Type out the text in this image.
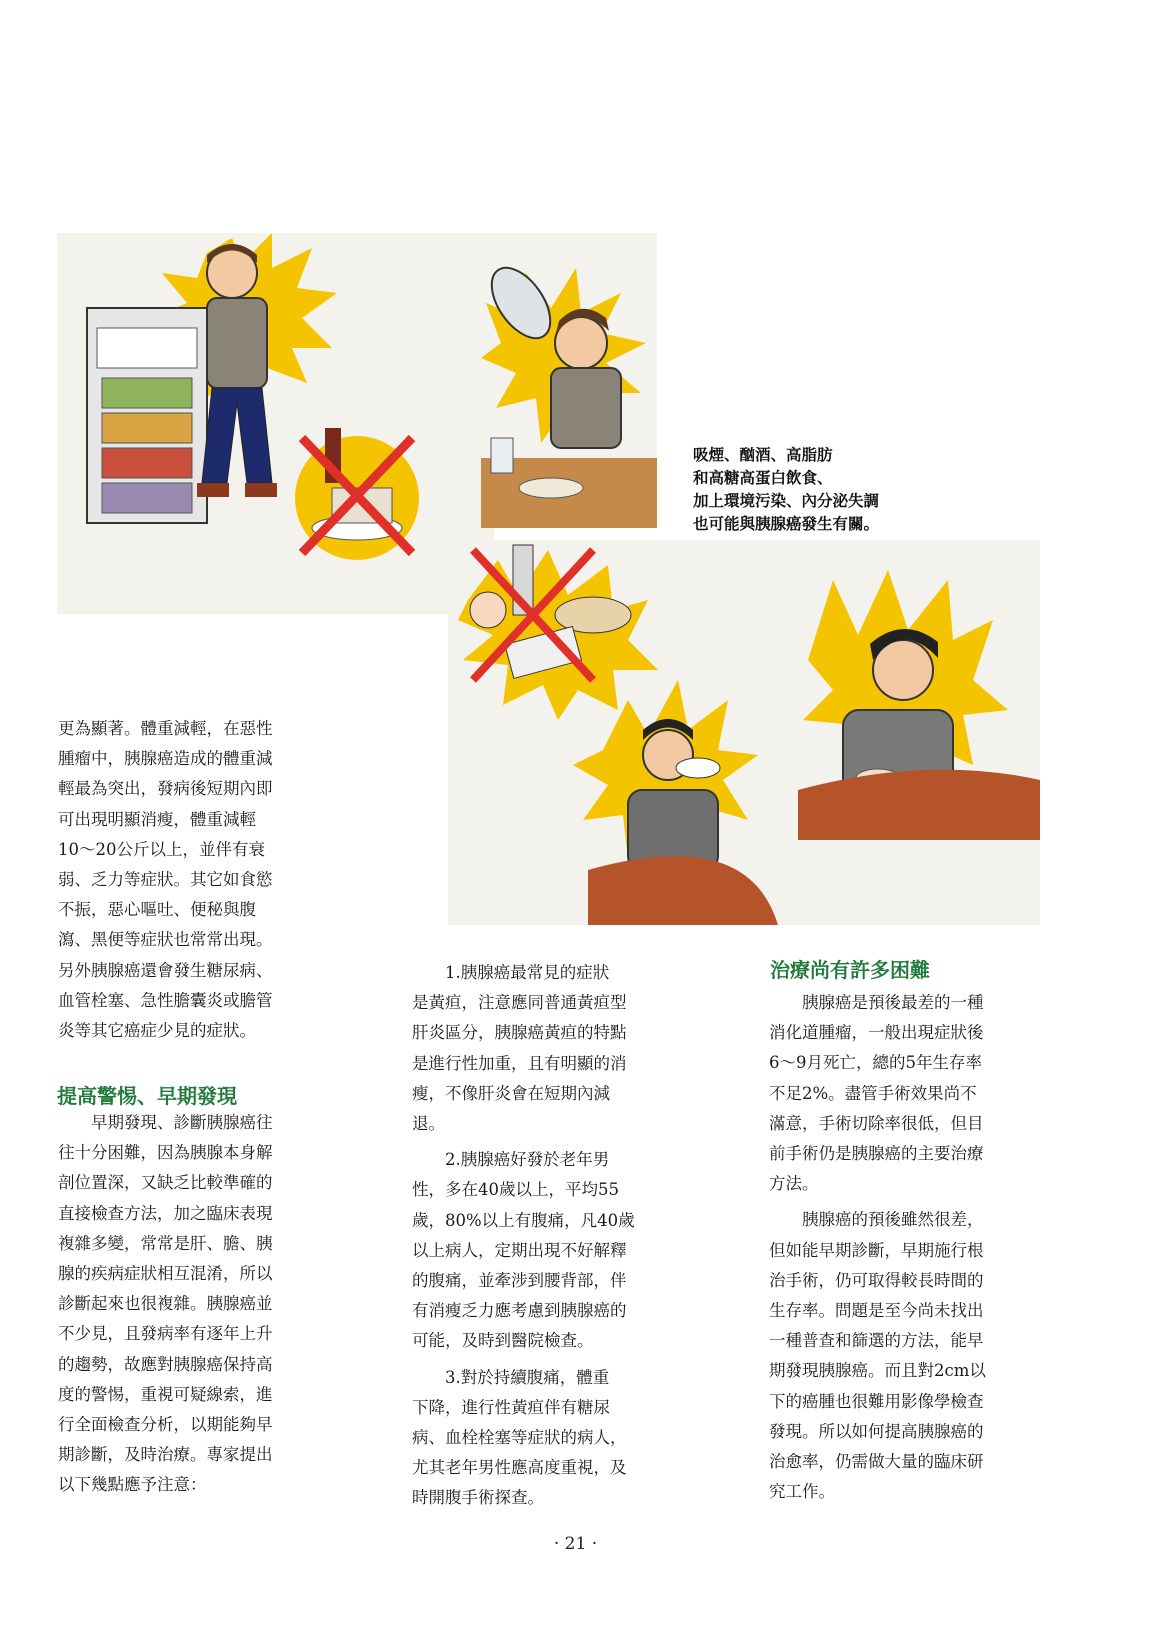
吸煙、酗酒、高脂肪
和高糖高蛋白飲食、
加上環境污染、內分泌失調
也可能與胰腺癌發生有關。
更為顯著。體重減輕，在惡性
腫瘤中，胰腺癌造成的體重減
輕最為突出，發病後短期內即
可出現明顯消瘦，體重減輕
10～20公斤以上，並伴有衰
弱、乏力等症狀。其它如食慾
不振，惡心嘔吐、便秘與腹
瀉、黑便等症狀也常常出現。
另外胰腺癌還會發生糖尿病、
血管栓塞、急性膽囊炎或膽管
炎等其它癌症少見的症狀。
提高警惕、早期發現
　　早期發現、診斷胰腺癌往
往十分困難，因為胰腺本身解
剖位置深，又缺乏比較準確的
直接檢查方法，加之臨床表現
複雜多變，常常是肝、膽、胰
腺的疾病症狀相互混淆，所以
診斷起來也很複雜。胰腺癌並
不少見，且發病率有逐年上升
的趨勢，故應對胰腺癌保持高
度的警惕，重視可疑線索，進
行全面檢查分析，以期能夠早
期診斷，及時治療。專家提出
以下幾點應予注意：
　　1.胰腺癌最常見的症狀
是黃疸，注意應同普通黃疸型
肝炎區分，胰腺癌黃疸的特點
是進行性加重，且有明顯的消
瘦，不像肝炎會在短期內減
退。
　　2.胰腺癌好發於老年男
性，多在40歲以上，平均55
歲，80%以上有腹痛，凡40歲
以上病人，定期出現不好解釋
的腹痛，並牽涉到腰背部，伴
有消瘦乏力應考慮到胰腺癌的
可能，及時到醫院檢查。
　　3.對於持續腹痛，體重
下降，進行性黃疸伴有糖尿
病、血栓栓塞等症狀的病人，
尤其老年男性應高度重視，及
時開腹手術探查。
治療尚有許多困難
　　胰腺癌是預後最差的一種
消化道腫瘤，一般出現症狀後
6～9月死亡，總的5年生存率
不足2%。盡管手術效果尚不
滿意，手術切除率很低，但目
前手術仍是胰腺癌的主要治療
方法。
　　胰腺癌的預後雖然很差，
但如能早期診斷，早期施行根
治手術，仍可取得較長時間的
生存率。問題是至今尚未找出
一種普查和篩選的方法，能早
期發現胰腺癌。而且對2cm以
下的癌腫也很難用影像學檢查
發現。所以如何提高胰腺癌的
治愈率，仍需做大量的臨床研
究工作。
· 21 ·
